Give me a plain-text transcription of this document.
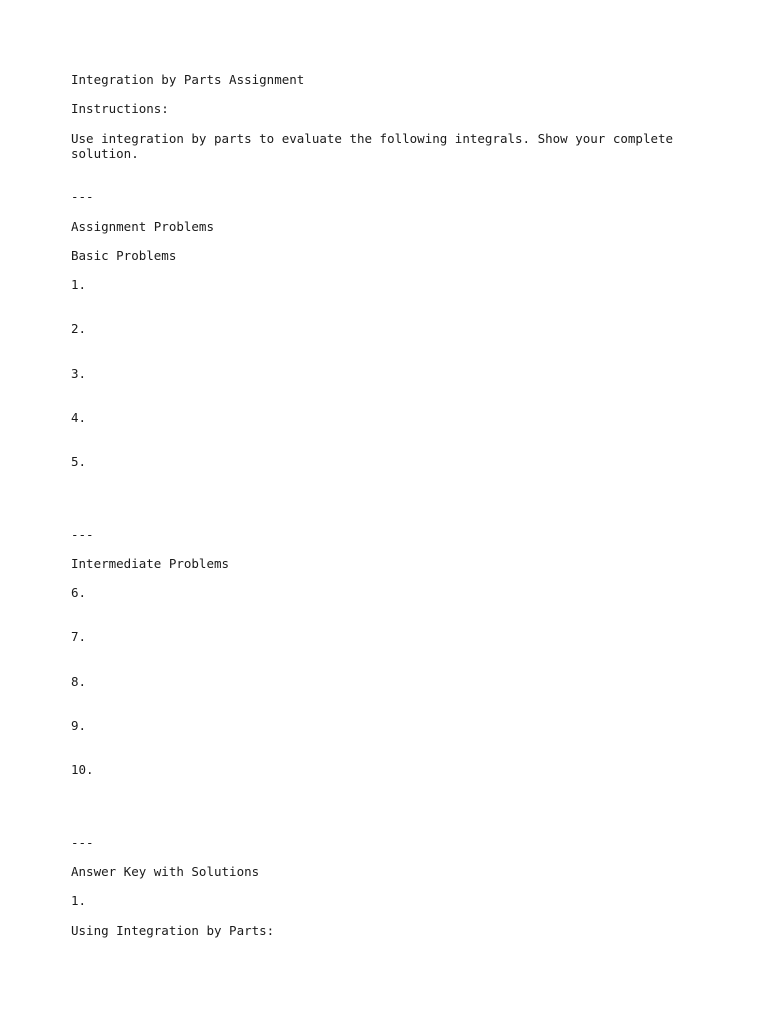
Integration by Parts Assignment

Instructions:

Use integration by parts to evaluate the following integrals. Show your complete solution.

---

Assignment Problems

Basic Problems

1.

2.

3.

4.

5.

---

Intermediate Problems

6.

7.

8.

9.

10.

---

Answer Key with Solutions

1.

Using Integration by Parts:
